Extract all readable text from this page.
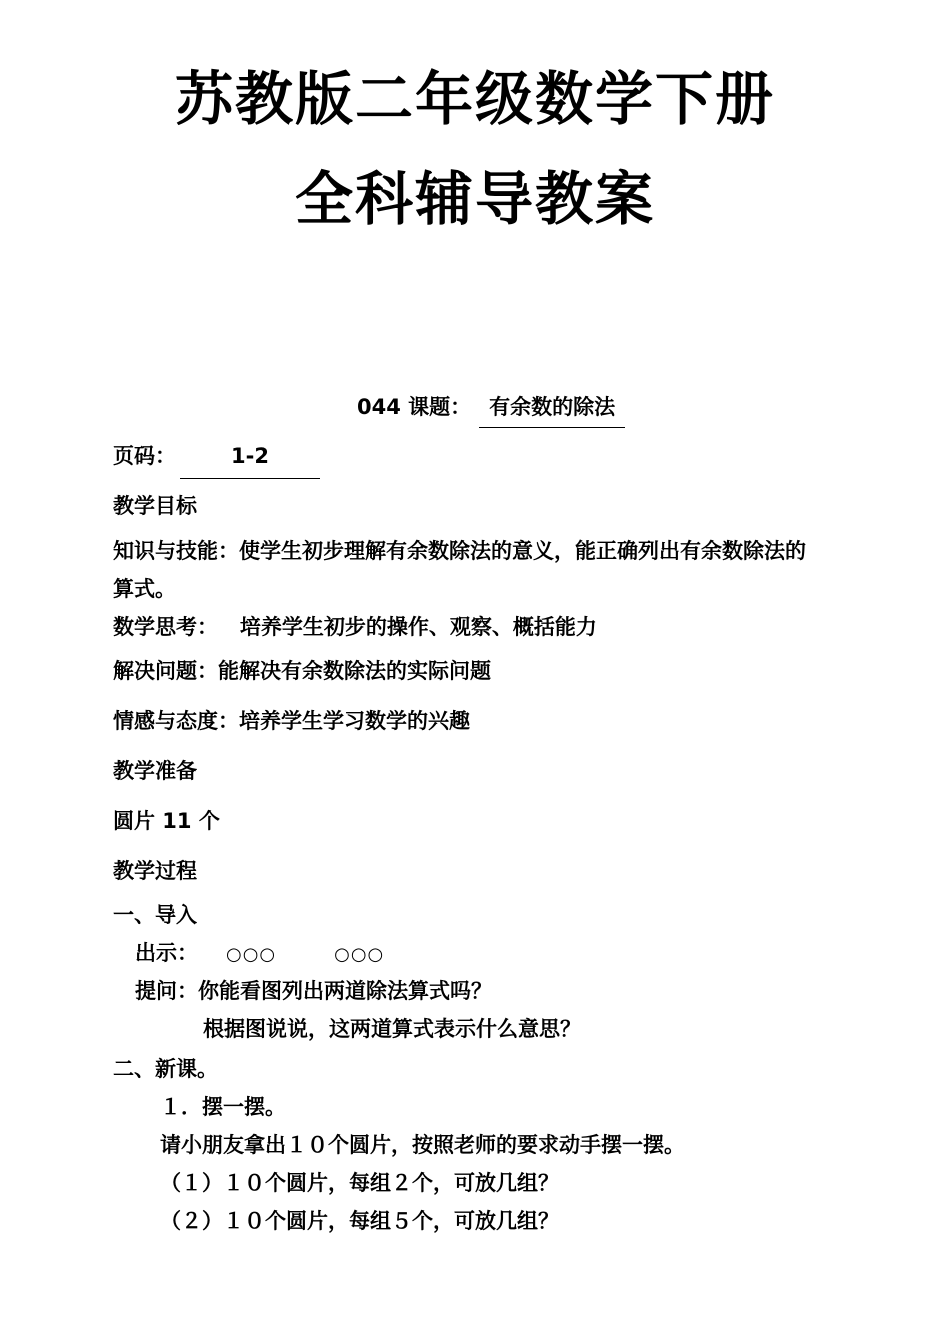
苏教版二年级数学下册
全科辅导教案
044 课题： 有余数的除法
页码：	1-2
教学目标
知识与技能：使学生初步理解有余数除法的意义，能正确列出有余数除法的
算式。
数学思考：   培养学生初步的操作、观察、概括能力
解决问题：能解决有余数除法的实际问题
情感与态度：培养学生学习数学的兴趣
教学准备
圆片 11 个
教学过程
一、导入
出示： ○○○	○○○
提问：你能看图列出两道除法算式吗？
根据图说说，这两道算式表示什么意思？
二、新课。
１．摆一摆。
请小朋友拿出１０个圆片，按照老师的要求动手摆一摆。
（１）１０个圆片，每组２个，可放几组？
（２）１０个圆片，每组５个，可放几组？
